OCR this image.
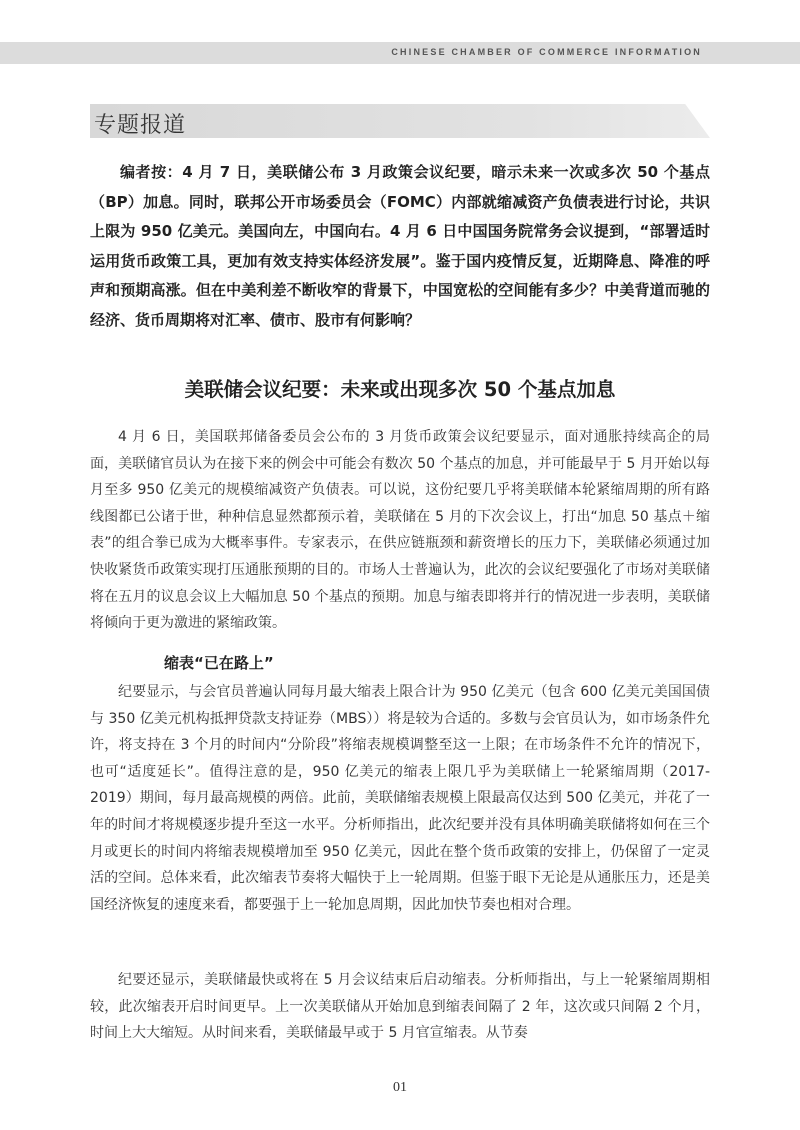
CHINESE CHAMBER OF COMMERCE INFORMATION
专题报道

编者按：4 月 7 日，美联储公布 3 月政策会议纪要，暗示未来一次或多次 50 个基点（BP）加息。同时，联邦公开市场委员会（FOMC）内部就缩减资产负债表进行讨论，共识上限为 950 亿美元。美国向左，中国向右。4 月 6 日中国国务院常务会议提到，“部署适时运用货币政策工具，更加有效支持实体经济发展”。鉴于国内疫情反复，近期降息、降准的呼声和预期高涨。但在中美利差不断收窄的背景下，中国宽松的空间能有多少？中美背道而驰的经济、货币周期将对汇率、债市、股市有何影响？

美联储会议纪要：未来或出现多次 50 个基点加息

4 月 6 日，美国联邦储备委员会公布的 3 月货币政策会议纪要显示，面对通胀持续高企的局面，美联储官员认为在接下来的例会中可能会有数次 50 个基点的加息，并可能最早于 5 月开始以每月至多 950 亿美元的规模缩减资产负债表。可以说，这份纪要几乎将美联储本轮紧缩周期的所有路线图都已公诸于世，种种信息显然都预示着，美联储在 5 月的下次会议上，打出“加息 50 基点＋缩表”的组合拳已成为大概率事件。专家表示，在供应链瓶颈和薪资增长的压力下，美联储必须通过加快收紧货币政策实现打压通胀预期的目的。市场人士普遍认为，此次的会议纪要强化了市场对美联储将在五月的议息会议上大幅加息 50 个基点的预期。加息与缩表即将并行的情况进一步表明，美联储将倾向于更为激进的紧缩政策。

缩表“已在路上”

纪要显示，与会官员普遍认同每月最大缩表上限合计为 950 亿美元（包含 600 亿美元美国国债与 350 亿美元机构抵押贷款支持证券（MBS））将是较为合适的。多数与会官员认为，如市场条件允许，将支持在 3 个月的时间内“分阶段”将缩表规模调整至这一上限；在市场条件不允许的情况下，也可“适度延长”。值得注意的是，950 亿美元的缩表上限几乎为美联储上一轮紧缩周期（2017-2019）期间，每月最高规模的两倍。此前，美联储缩表规模上限最高仅达到 500 亿美元，并花了一年的时间才将规模逐步提升至这一水平。分析师指出，此次纪要并没有具体明确美联储将如何在三个月或更长的时间内将缩表规模增加至 950 亿美元，因此在整个货币政策的安排上，仍保留了一定灵活的空间。总体来看，此次缩表节奏将大幅快于上一轮周期。但鉴于眼下无论是从通胀压力，还是美国经济恢复的速度来看，都要强于上一轮加息周期，因此加快节奏也相对合理。

纪要还显示，美联储最快或将在 5 月会议结束后启动缩表。分析师指出，与上一轮紧缩周期相较，此次缩表开启时间更早。上一次美联储从开始加息到缩表间隔了 2 年，这次或只间隔 2 个月，时间上大大缩短。从时间来看，美联储最早或于 5 月官宣缩表。从节奏

01
